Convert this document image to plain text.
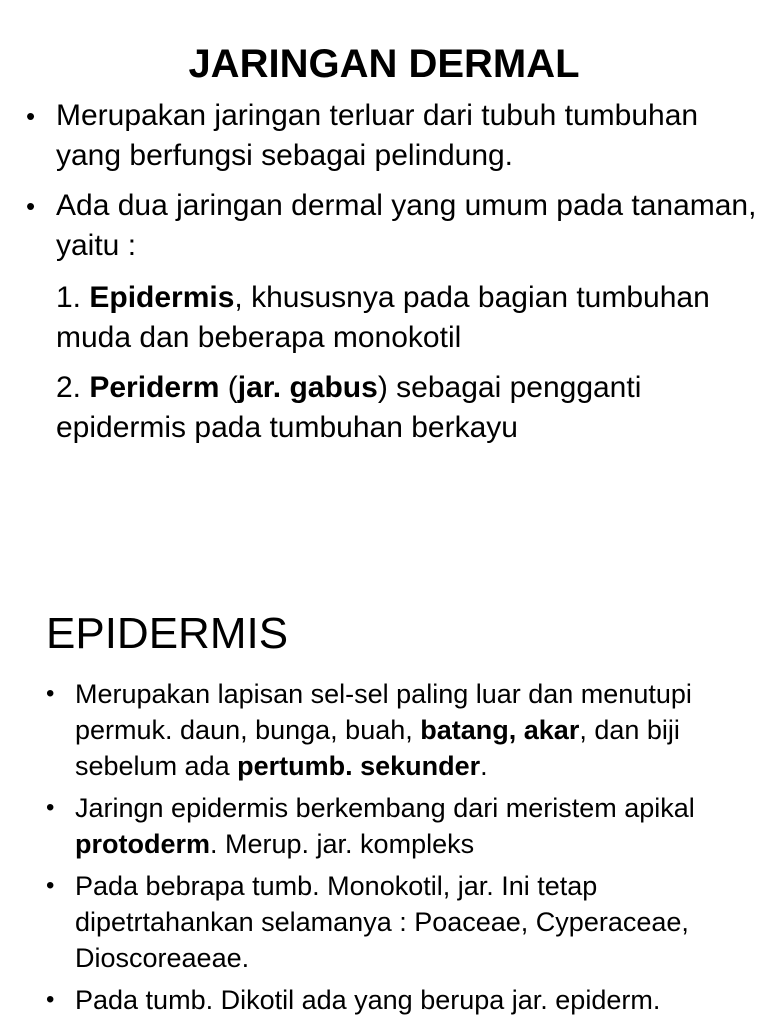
JARINGAN DERMAL
• Merupakan jaringan terluar dari tubuh tumbuhan yang berfungsi sebagai pelindung.
• Ada dua jaringan dermal yang umum pada tanaman, yaitu :
1. Epidermis, khususnya pada bagian tumbuhan muda dan beberapa monokotil
2. Periderm (jar. gabus) sebagai pengganti epidermis pada tumbuhan berkayu
EPIDERMIS
• Merupakan lapisan sel-sel paling luar dan menutupi permuk. daun, bunga, buah, batang, akar, dan biji sebelum ada pertumb. sekunder.
• Jaringn epidermis berkembang dari meristem apikal protoderm. Merup. jar. kompleks
• Pada bebrapa tumb. Monokotil, jar. Ini tetap dipetrtahankan selamanya : Poaceae, Cyperaceae, Dioscoreaeae.
• Pada tumb. Dikotil ada yang berupa jar. epiderm.
